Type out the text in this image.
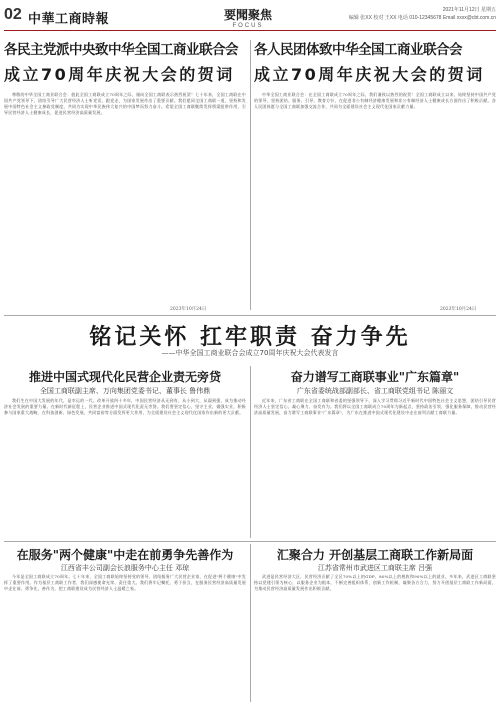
02 中華工商時報	要聞聚焦
FOCUS
2021年11月12日 星期五
编辑 张XX 校对 王XX 电话 010-12345678 Email xxxx@cbt.com.cn
各民主党派中央致中华全国工商业联合会
成立70周年庆祝大会的贺词

尊敬的中华全国工商业联合会：值此全国工商联成立70周年之际，谨向全国工商联表示热烈祝贺！七十年来，全国工商联在中国共产党领导下，团结引导广大民营经济人士听党话、跟党走，为国家发展作出了重要贡献。我们愿同全国工商联一道，坚持和发展中国特色社会主义参政党制度，共同为实现中华民族伟大复兴的中国梦而努力奋斗。希望全国工商联继续发挥桥梁纽带作用，引导民营经济人士健康成长，促进民营经济高质量发展。

2023年10月24日
各人民团体致中华全国工商业联合会
成立70周年庆祝大会的贺词

中华全国工商业联合会：在全国工商联成立70周年之际，我们谨致以热烈的祝贺！全国工商联成立以来，始终坚持中国共产党的领导，坚持团结、服务、引导、教育方针，在促进非公有制经济健康发展和非公有制经济人士健康成长方面作出了积极贡献。各人民团体愿与全国工商联加强交流合作，共同为全面建设社会主义现代化国家贡献力量。

2023年10月24日
铭记关怀 扛牢职责 奋力争先
——中华全国工商业联合会成立70周年庆祝大会代表发言
推进中国式现代化民营企业责无旁贷
全国工商联副主席、万向集团党委书记、董事长 鲁伟鼎

我们生在中国大发展的年代，是幸运的一代。改革开放四十多年，中国民营经济从无到有、从小到大、从弱到强，成为推动经济社会发展的重要力量。在新时代新征程上，民营企业推进中国式现代化责无旁贷。我们要坚定信心，坚守主业，做强实业，积极参与国家重大战略，在科技创新、绿色发展、共同富裕等方面发挥更大作用，为全面建设社会主义现代化国家作出新的更大贡献。

奋力谱写工商联事业"广东篇章"
广东省委统战部副部长、省工商联党组书记 陈丽文

近年来，广东省工商联在全国工商联和省委的坚强领导下，深入学习贯彻习近平新时代中国特色社会主义思想，团结引导民营经济人士坚定信心、凝心聚力、奋发有为。我们将以全国工商联成立70周年为新起点，坚持政治引领，强化服务保障，推动民营经济高质量发展，奋力谱写工商联事业"广东篇章"，为广东在推进中国式现代化建设中走在前列贡献工商联力量。

在服务"两个健康"中走在前勇争先善作为
江西省丰公司副会长浪服务中心主任 邓琼

今年是全国工商联成立70周年。七十年来，全国工商联始终坚持党的领导，团结服务广大民营企业家，在促进"两个健康"中发挥了重要作用。作为基层工商联工作者，我们深感使命光荣、责任重大。我们将牢记嘱托，勇于担当，在服务民营经济高质量发展中走在前、勇争先、善作为，把工商联建设成为民营经济人士温暖之家。

汇聚合力 开创基层工商联工作新局面
江苏省常州市武进区工商联主席 吕强

武进是民营经济大区，民营经济贡献了全区70%以上的GDP、80%以上的税收和90%以上的就业。多年来，武进区工商联坚持以党建引领为核心，以服务企业为根本，不断完善组织体系，创新工作机制，凝聚各方合力，努力开创基层工商联工作新局面，为推动民营经济高质量发展作出积极贡献。
